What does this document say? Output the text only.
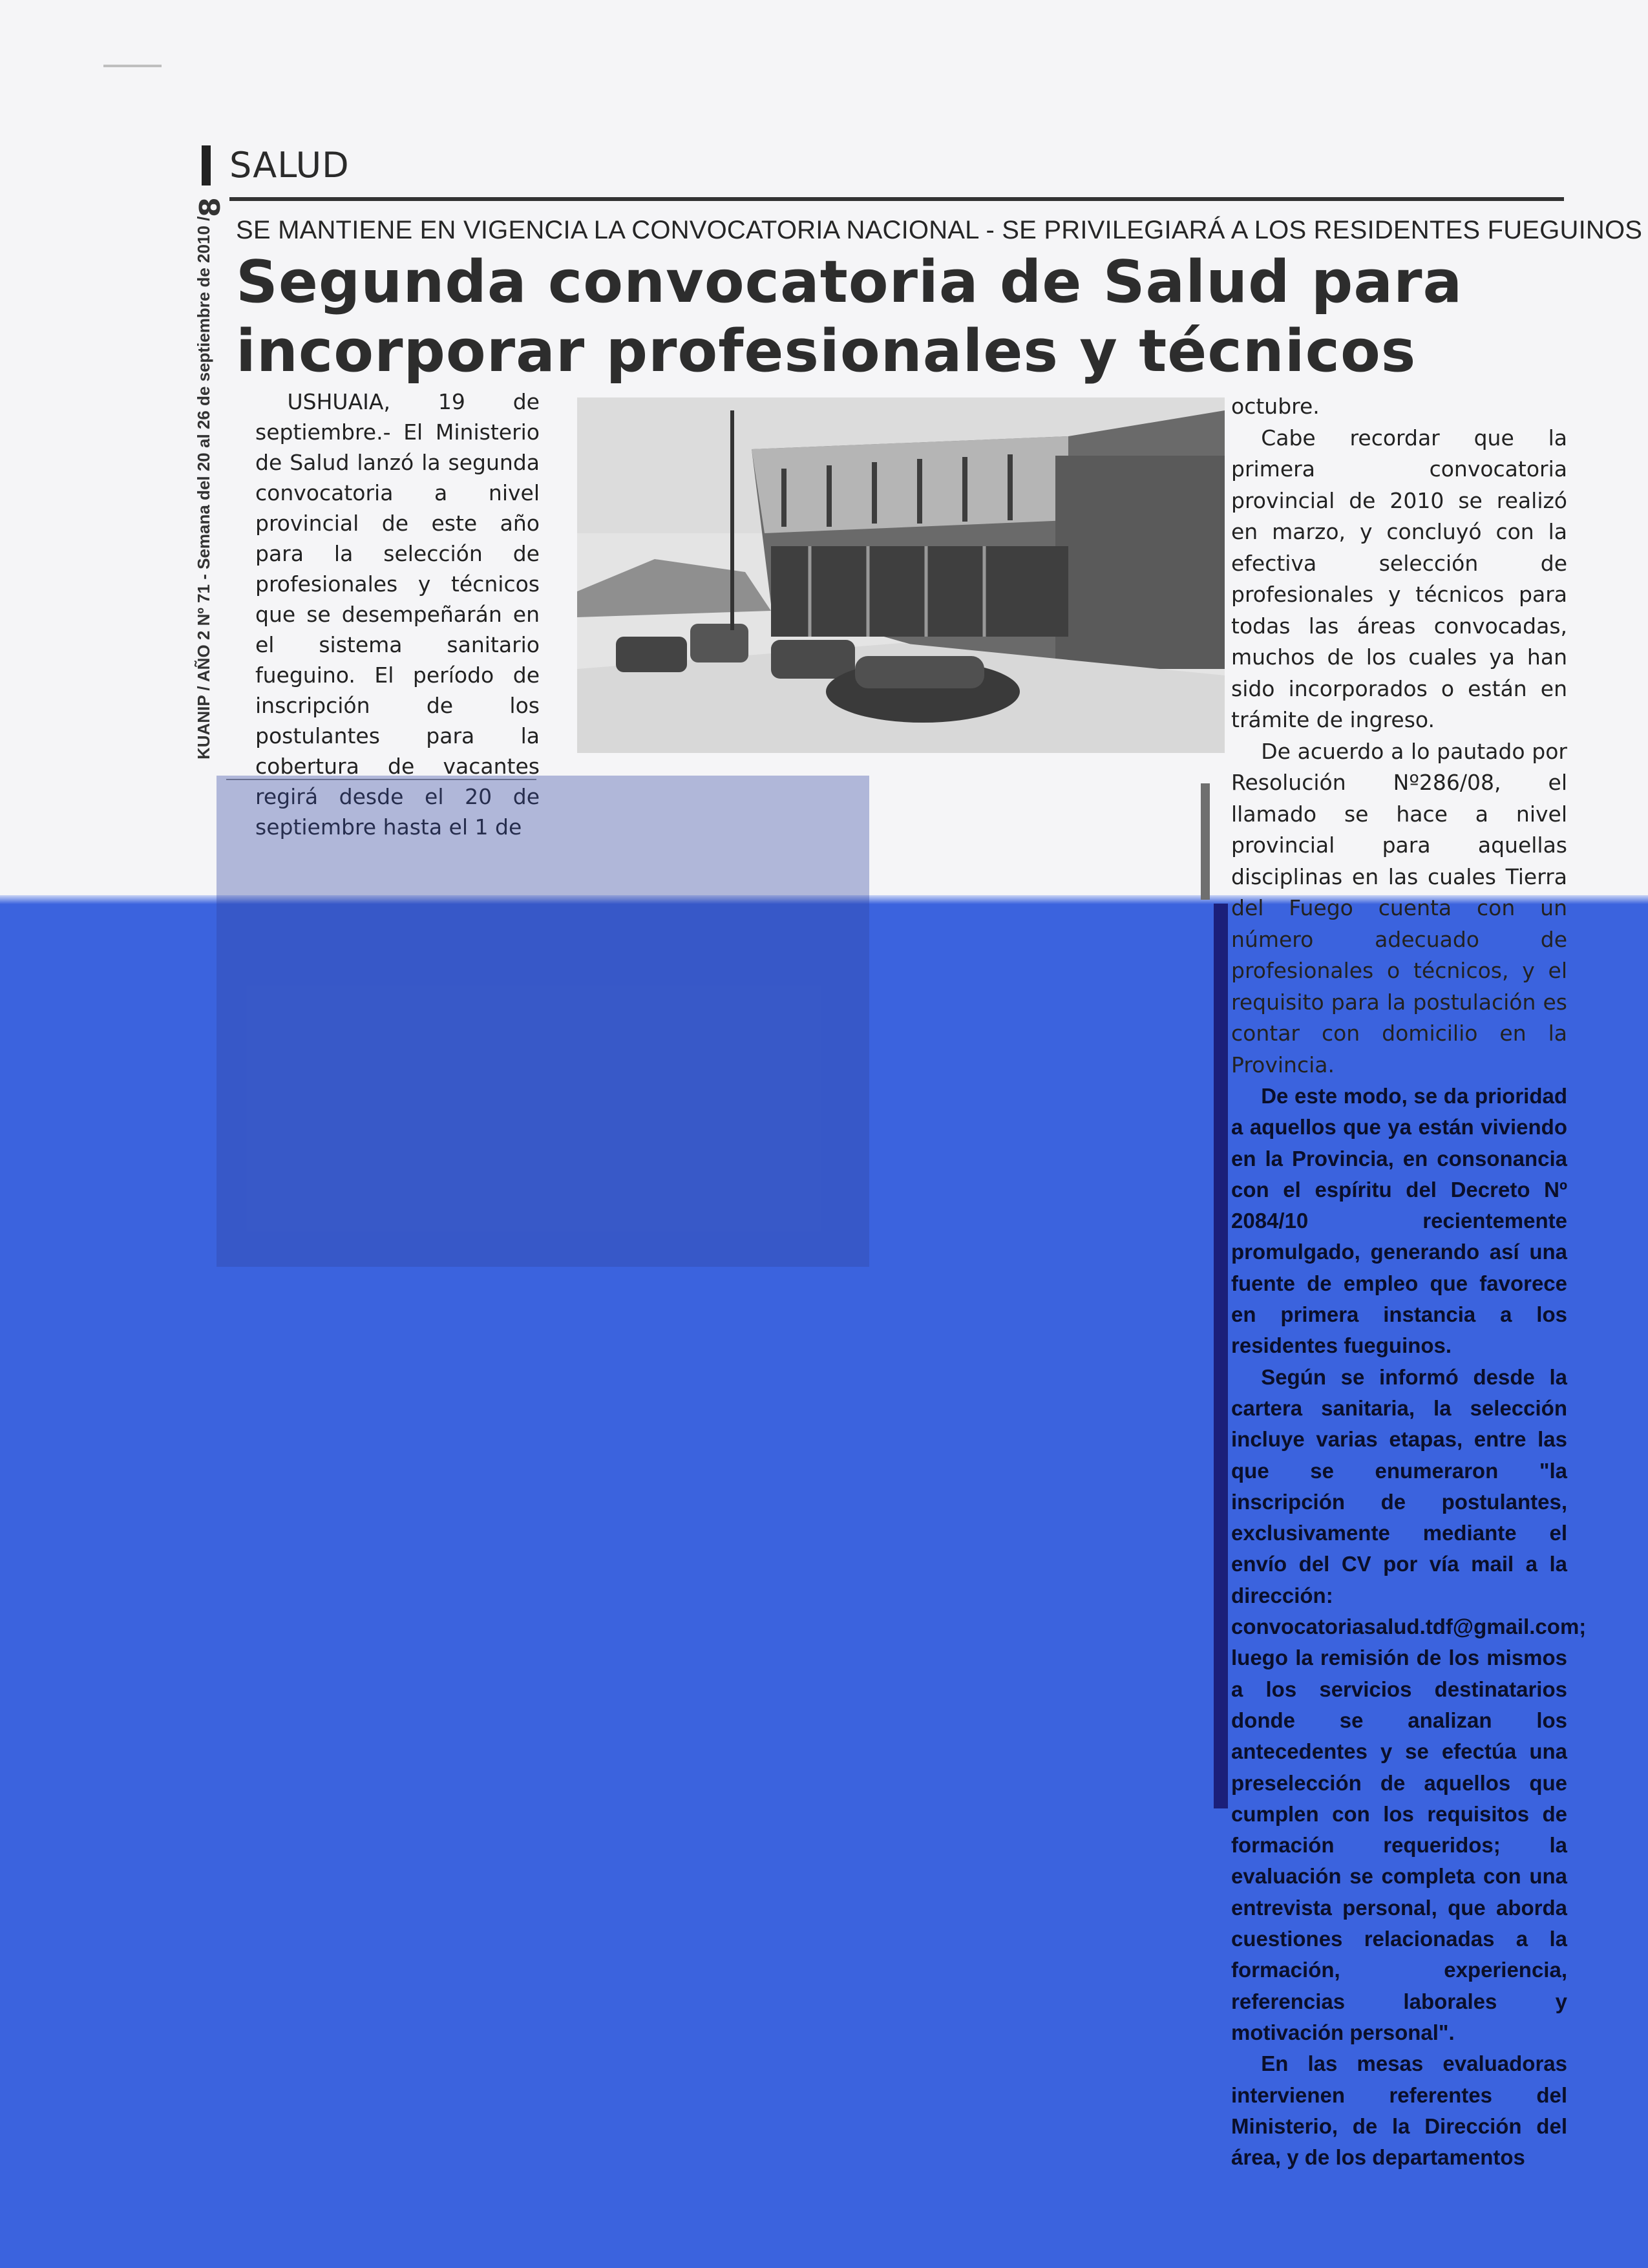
SALUD
8
SE MANTIENE EN VIGENCIA LA CONVOCATORIA NACIONAL - SE PRIVILEGIARÁ A LOS RESIDENTES FUEGUINOS
Segunda convocatoria de Salud para incorporar profesionales y técnicos
KUANIP / AÑO 2 Nº 71 - Semana del 20 al 26 de septiembre de 2010 /	USHUAIA, 19 de septiembre.- El Ministerio de Salud lanzó la segunda convocatoria a nivel provincial de este año para la selección de profesionales y técnicos que se desempeñarán en el sistema sanitario fueguino. El período de inscripción de los postulantes para la cobertura de vacantes regirá desde el 20 de septiembre hasta el 1 de

octubre.

Cabe recordar que la primera convocatoria provincial de 2010 se realizó en marzo, y concluyó con la efectiva selección de profesionales y técnicos para todas las áreas convocadas, muchos de los cuales ya han sido incorporados o están en trámite de ingreso.

De acuerdo a lo pautado por Resolución Nº286/08, el llamado se hace a nivel provincial para aquellas disciplinas en las cuales Tierra del Fuego cuenta con un número adecuado de profesionales o técnicos, y el requisito para la postulación es contar con domicilio en la Provincia.

De este modo, se da prioridad a aquellos que ya están viviendo en la Provincia, en consonancia con el espíritu del Decreto Nº 2084/10 recientemente promulgado, generando así una fuente de empleo que favorece en primera instancia a los residentes fueguinos.

Según se informó desde la cartera sanitaria, la selección incluye varias etapas, entre las que se enumeraron "la inscripción de postulantes, exclusivamente mediante el envío del CV por vía mail a la dirección: convocatoriasalud.tdf@gmail.com; luego la remisión de los mismos a los servicios destinatarios donde se analizan los antecedentes y se efectúa una preselección de aquellos que cumplen con los requisitos de formación requeridos; la evaluación se completa con una entrevista personal, que aborda cuestiones relacionadas a la formación, experiencia, referencias laborales y motivación personal".

En las mesas evaluadoras intervienen referentes del Ministerio, de la Dirección del área, y de los departamentos
